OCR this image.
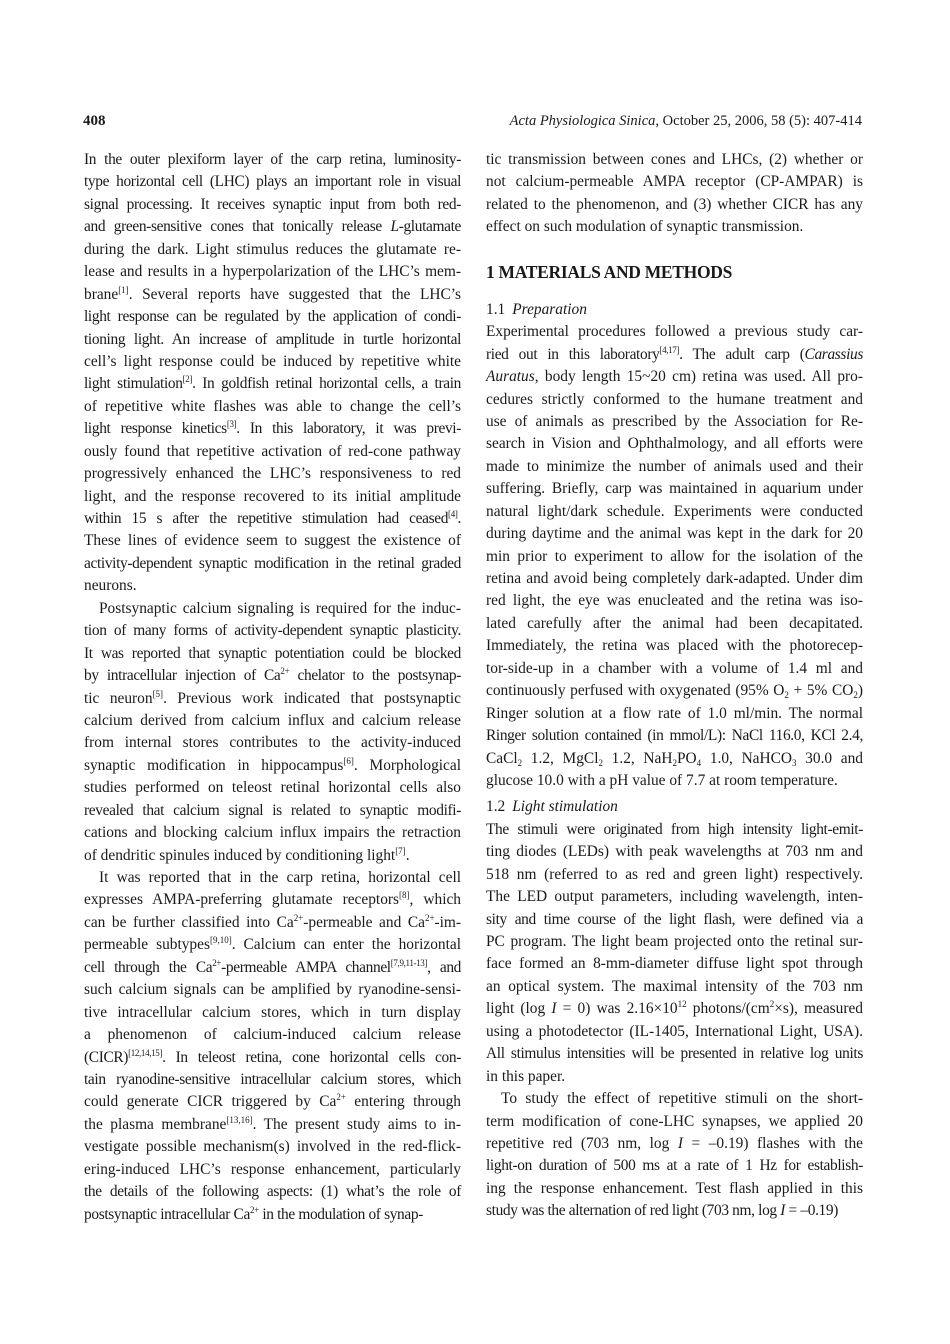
408	Acta Physiologica Sinica, October 25, 2006, 58 (5): 407-414
In the outer plexiform layer of the carp retina, luminosity-
type horizontal cell (LHC) plays an important role in visual
signal processing. It receives synaptic input from both red-
and green-sensitive cones that tonically release L-glutamate
during the dark. Light stimulus reduces the glutamate re-
lease and results in a hyperpolarization of the LHC’s mem-
brane[1]. Several reports have suggested that the LHC’s
light response can be regulated by the application of condi-
tioning light. An increase of amplitude in turtle horizontal
cell’s light response could be induced by repetitive white
light stimulation[2]. In goldfish retinal horizontal cells, a train
of repetitive white flashes was able to change the cell’s
light response kinetics[3]. In this laboratory, it was previ-
ously found that repetitive activation of red-cone pathway
progressively enhanced the LHC’s responsiveness to red
light, and the response recovered to its initial amplitude
within 15 s after the repetitive stimulation had ceased[4].
These lines of evidence seem to suggest the existence of
activity-dependent synaptic modification in the retinal graded
neurons.
Postsynaptic calcium signaling is required for the induc-
tion of many forms of activity-dependent synaptic plasticity.
It was reported that synaptic potentiation could be blocked
by intracellular injection of $Ca^{2+}$ chelator to the postsynap-
tic neuron[5]. Previous work indicated that postsynaptic
calcium derived from calcium influx and calcium release
from internal stores contributes to the activity-induced
synaptic modification in hippocampus[6]. Morphological
studies performed on teleost retinal horizontal cells also
revealed that calcium signal is related to synaptic modifi-
cations and blocking calcium influx impairs the retraction
of dendritic spinules induced by conditioning light[7].
It was reported that in the carp retina, horizontal cell
expresses AMPA-preferring glutamate receptors[8], which
can be further classified into $Ca^{2+}$-permeable and $Ca^{2+}-im-$
permeable subtypes[9,10]. Calcium can enter the horizontal
cell through the $Ca^{2+}$-permeable AMPA channel[7,9,11-13], and
such calcium signals can be amplified by ryanodine-sensi-
tive intracellular calcium stores, which in turn display
a phenomenon of calcium-induced calcium release
(CICR)[12,14,15]. In teleost retina, cone horizontal cells con-
tain ryanodine-sensitive intracellular calcium stores, which
could generate CICR triggered by $Ca^{2+}$ entering through
the plasma membrane[13,16]. The present study aims to in-
vestigate possible mechanism(s) involved in the red-flick-
ering-induced LHC’s response enhancement, particularly
the details of the following aspects: (1) what’s the role of
postsynaptic intracellular $Ca^{2+}$ in the modulation of synap-
tic transmission between cones and LHCs, (2) whether or
not calcium-permeable AMPA receptor (CP-AMPAR) is
related to the phenomenon, and (3) whether CICR has any
effect on such modulation of synaptic transmission.
1 MATERIALS AND METHODS
1.1 Preparation
Experimental procedures followed a previous study car-
ried out in this laboratory[4,17]. The adult carp (Carassius
Auratus, body length 15~20 cm) retina was used. All pro-
cedures strictly conformed to the humane treatment and
use of animals as prescribed by the Association for Re-
search in Vision and Ophthalmology, and all efforts were
made to minimize the number of animals used and their
suffering. Briefly, carp was maintained in aquarium under
natural light/dark schedule. Experiments were conducted
during daytime and the animal was kept in the dark for 20
min prior to experiment to allow for the isolation of the
retina and avoid being completely dark-adapted. Under dim
red light, the eye was enucleated and the retina was iso-
lated carefully after the animal had been decapitated.
Immediately, the retina was placed with the photorecep-
tor-side-up in a chamber with a volume of 1.4 ml and
continuously perfused with oxygenated (95% $O_2 + 5\%$ $CO_2$)
Ringer solution at a flow rate of 1.0 ml/min. The normal
Ringer solution contained (in mmol/L): NaCl 116.0, KCl 2.4,
CaCl$_2$ 1.2, MgCl$_2$ 1.2, $NaH_2PO_4$ 1.0, NaHCO$_3$ 30.0 and
glucose 10.0 with a pH value of 7.7 at room temperature.
1.2 Light stimulation
The stimuli were originated from high intensity light-emit-
ting diodes (LEDs) with peak wavelengths at 703 nm and
518 nm (referred to as red and green light) respectively.
The LED output parameters, including wavelength, inten-
sity and time course of the light flash, were defined via a
PC program. The light beam projected onto the retinal sur-
face formed an 8-mm-diameter diffuse light spot through
an optical system. The maximal intensity of the 703 nm
light (log I = 0) was $2.16\times 10^{12}$ photons/$(cm^2\times s)$, measured
using a photodetector (IL-1405, International Light, USA).
All stimulus intensities will be presented in relative log units
in this paper.
To study the effect of repetitive stimuli on the short-
term modification of cone-LHC synapses, we applied 20
repetitive red (703 nm, log I = –0.19) flashes with the
light-on duration of 500 ms at a rate of 1 Hz for establish-
ing the response enhancement. Test flash applied in this
study was the alternation of red light (703 nm, log I = –0.19)
